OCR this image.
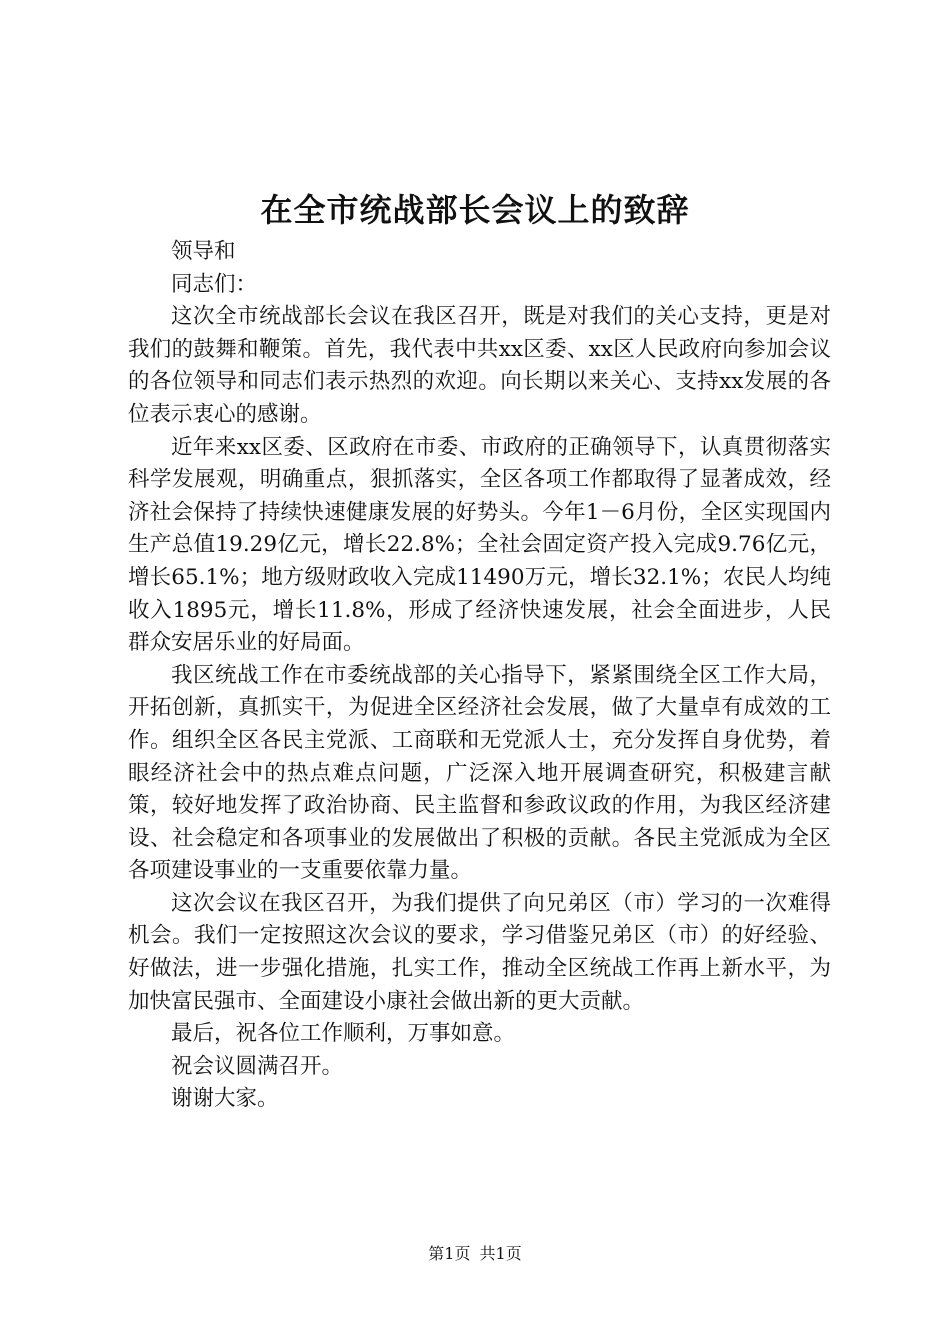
在全市统战部长会议上的致辞

领导和

同志们：

这次全市统战部长会议在我区召开，既是对我们的关心支持，更是对我们的鼓舞和鞭策。首先，我代表中共xx区委、xx区人民政府向参加会议的各位领导和同志们表示热烈的欢迎。向长期以来关心、支持xx发展的各位表示衷心的感谢。

近年来xx区委、区政府在市委、市政府的正确领导下，认真贯彻落实科学发展观，明确重点，狠抓落实，全区各项工作都取得了显著成效，经济社会保持了持续快速健康发展的好势头。今年1－6月份，全区实现国内生产总值19.29亿元，增长22.8%；全社会固定资产投入完成9.76亿元，增长65.1%；地方级财政收入完成11490万元，增长32.1%；农民人均纯收入1895元，增长11.8%，形成了经济快速发展，社会全面进步，人民群众安居乐业的好局面。

我区统战工作在市委统战部的关心指导下，紧紧围绕全区工作大局，开拓创新，真抓实干，为促进全区经济社会发展，做了大量卓有成效的工作。组织全区各民主党派、工商联和无党派人士，充分发挥自身优势，着眼经济社会中的热点难点问题，广泛深入地开展调查研究，积极建言献策，较好地发挥了政治协商、民主监督和参政议政的作用，为我区经济建设、社会稳定和各项事业的发展做出了积极的贡献。各民主党派成为全区各项建设事业的一支重要依靠力量。

这次会议在我区召开，为我们提供了向兄弟区（市）学习的一次难得机会。我们一定按照这次会议的要求，学习借鉴兄弟区（市）的好经验、好做法，进一步强化措施，扎实工作，推动全区统战工作再上新水平，为加快富民强市、全面建设小康社会做出新的更大贡献。

最后，祝各位工作顺利，万事如意。

祝会议圆满召开。

谢谢大家。

第1页 共1页
